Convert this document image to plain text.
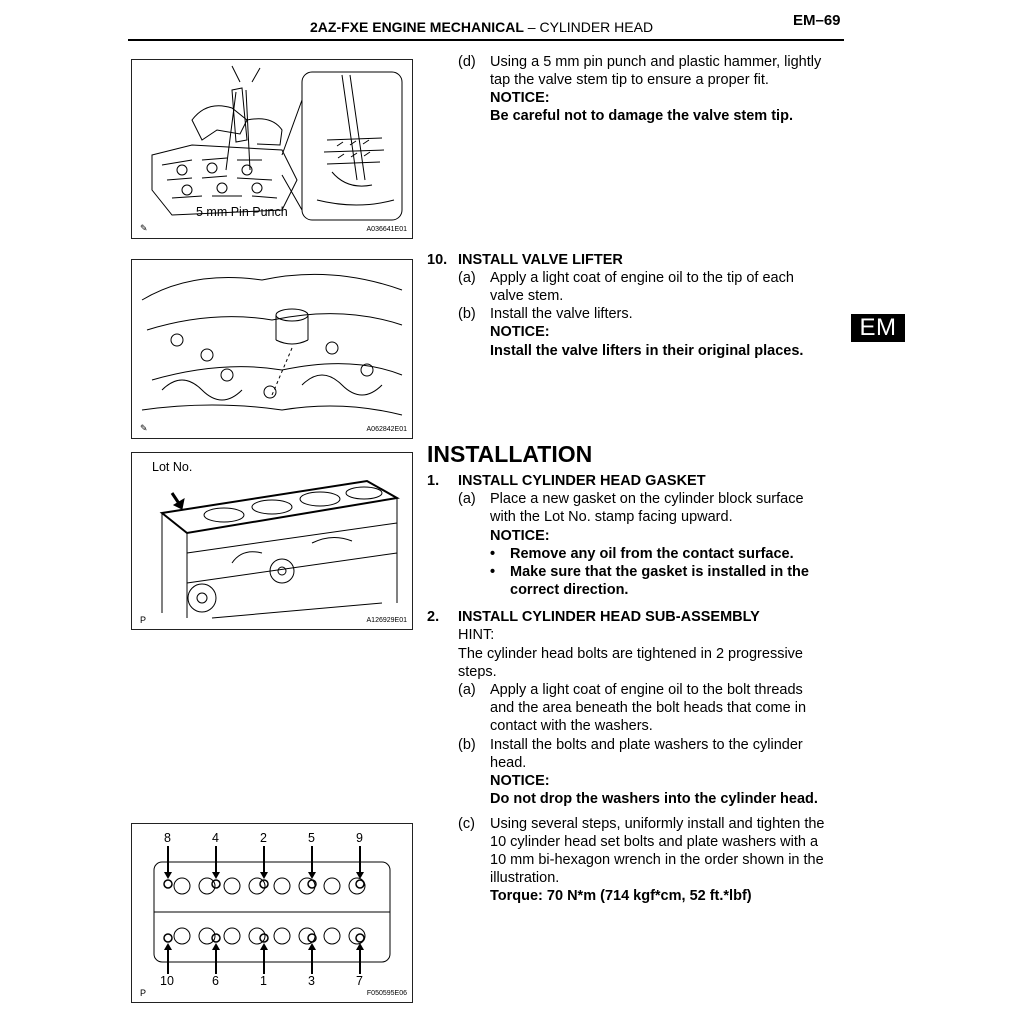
2AZ-FXE ENGINE MECHANICAL – CYLINDER HEAD	EM–69
EM
5 mm Pin Punch
✎	A036641E01
✎	A062842E01
Lot No.
P	A126929E01
8	4	2	5	9
10	6	1	3	7
P	F050595E06
(d) Using a 5 mm pin punch and plastic hammer, lightly
tap the valve stem tip to ensure a proper fit.
NOTICE:
Be careful not to damage the valve stem tip.
10. INSTALL VALVE LIFTER
(a) Apply a light coat of engine oil to the tip of each
valve stem.
(b) Install the valve lifters.
NOTICE:
Install the valve lifters in their original places.
INSTALLATION
1. INSTALL CYLINDER HEAD GASKET
(a) Place a new gasket on the cylinder block surface
with the Lot No. stamp facing upward.
NOTICE:
• Remove any oil from the contact surface.
• Make sure that the gasket is installed in the
correct direction.
2. INSTALL CYLINDER HEAD SUB-ASSEMBLY
HINT:
The cylinder head bolts are tightened in 2 progressive
steps.
(a) Apply a light coat of engine oil to the bolt threads
and the area beneath the bolt heads that come in
contact with the washers.
(b) Install the bolts and plate washers to the cylinder
head.
NOTICE:
Do not drop the washers into the cylinder head.
(c) Using several steps, uniformly install and tighten the
10 cylinder head set bolts and plate washers with a
10 mm bi-hexagon wrench in the order shown in the
illustration.
Torque: 70 N*m (714 kgf*cm, 52 ft.*lbf)
